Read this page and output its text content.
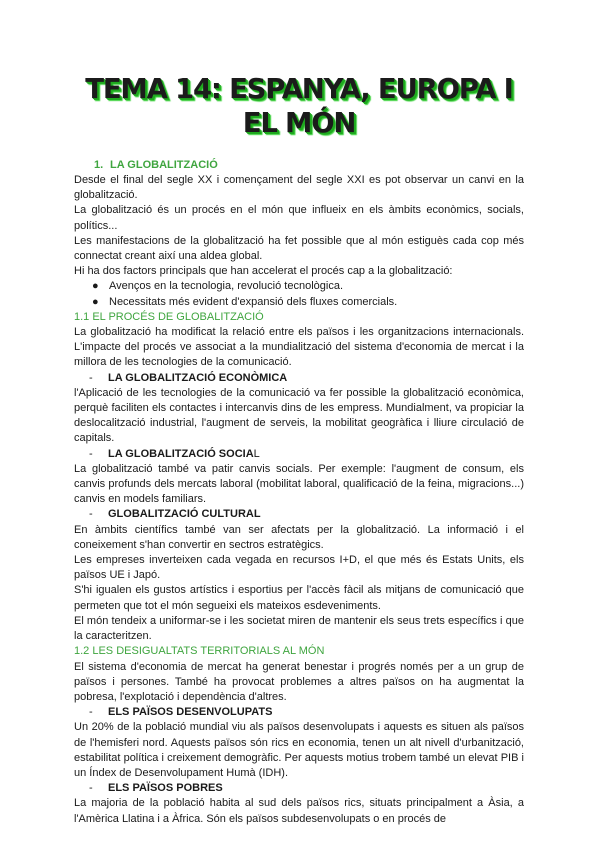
TEMA 14: ESPANYA, EUROPA I EL MÓN
1. LA GLOBALITZACIÓ

Desde el final del segle XX i començament del segle XXI es pot observar un canvi en la globalització.

La globalització és un procés en el món que influeix en els àmbits econòmics, socials, polítics...

Les manifestacions de la globalització ha fet possible que al món estiguès cada cop més connectat creant així una aldea global.

Hi ha dos factors principals que han accelerat el procés cap a la globalització:

● Avenços en la tecnologia, revolució tecnològica.
● Necessitats més evident d'expansió dels fluxes comercials.
1.1 EL PROCÉS DE GLOBALITZACIÓ

La globalització ha modificat la relació entre els països i les organitzacions internacionals. L'impacte del procés ve associat a la mundialització del sistema d'economia de mercat i la millora de les tecnologies de la comunicació.

- LA GLOBALITZACIÓ ECONÒMICA

l'Aplicació de les tecnologies de la comunicació va fer possible la globalització econòmica, perquè faciliten els contactes i intercanvis dins de les empress. Mundialment, va propiciar la deslocalització industrial, l'augment de serveis, la mobilitat geogràfica i lliure circulació de capitals.

- LA GLOBALITZACIÓ SOCIAL

La globalització també va patir canvis socials. Per exemple: l'augment de consum, els canvis profunds dels mercats laboral (mobilitat laboral, qualificació de la feina, migracions...) canvis en models familiars.

- GLOBALITZACIÓ CULTURAL

En àmbits científics també van ser afectats per la globalització. La informació i el coneixement s'han convertir en sectros estratègics.

Les empreses inverteixen cada vegada en recursos I+D, el que més és Estats Units, els països UE i Japó.

S'hi igualen els gustos artístics i esportius per l'accès fàcil als mitjans de comunicació que permeten que tot el món segueixi els mateixos esdeveniments.

El món tendeix a uniformar-se i les societat miren de mantenir els seus trets específics i que la caracteritzen.

1.2 LES DESIGUALTATS TERRITORIALS AL MÓN

El sistema d'economia de mercat ha generat benestar i progrés només per a un grup de països i persones. També ha provocat problemes a altres països on ha augmentat la pobresa, l'explotació i dependència d'altres.

- ELS PAÏSOS DESENVOLUPATS

Un 20% de la població mundial viu als països desenvolupats i aquests es situen als països de l'hemisferi nord. Aquests països són rics en economia, tenen un alt nivell d'urbanització, estabilitat política i creixement demogràfic. Per aquests motius trobem també un elevat PIB i un Índex de Desenvolupament Humà (IDH).

- ELS PAÏSOS POBRES

La majoria de la població habita al sud dels països rics, situats principalment a Àsia, a l'Amèrica Llatina i a Àfrica. Són els països subdesenvolupats o en procés de
